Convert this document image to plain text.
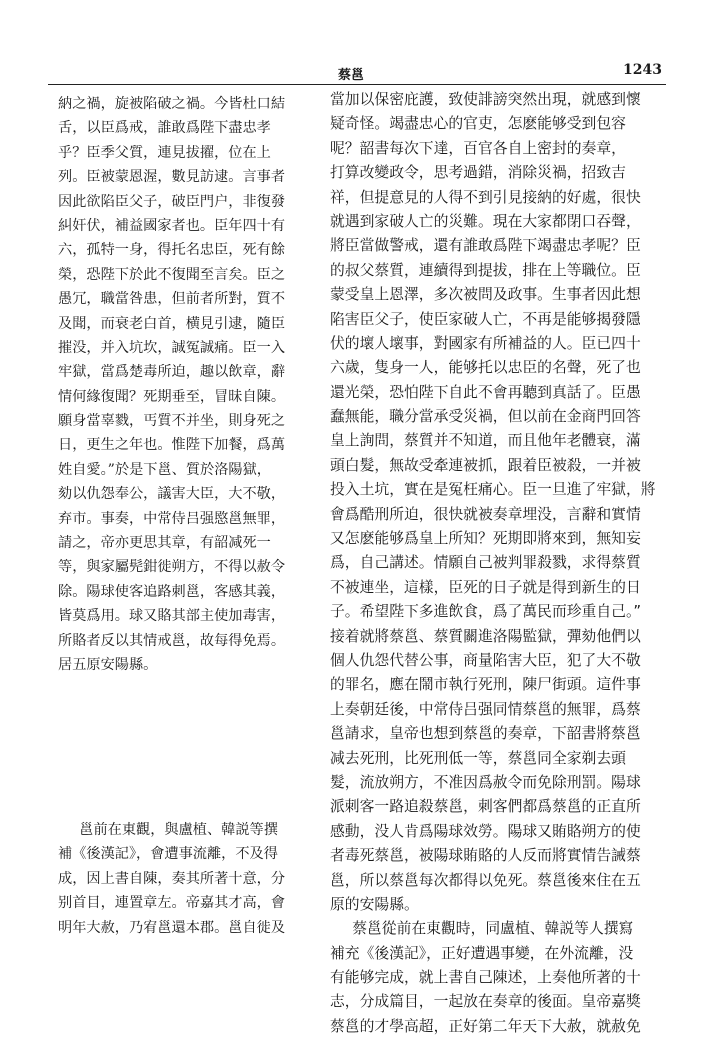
蔡邕	1243
納之禍，旋被陷破之禍。今皆杜口結
舌，以臣爲戒，誰敢爲陛下盡忠孝
乎？臣季父質，連見拔擢，位在上
列。臣被蒙恩渥，數見訪逮。言事者
因此欲陷臣父子，破臣門户，非復發
糾奸伏，補益國家者也。臣年四十有
六，孤特一身，得托名忠臣，死有餘
榮，恐陛下於此不復聞至言矣。臣之
愚冗，職當咎患，但前者所對，質不
及聞，而衰老白首，横見引逮，隨臣
摧没，并入坑坎，誠冤誠痛。臣一入
牢獄，當爲楚毒所迫，趣以飲章，辭
情何緣復聞？死期垂至，冒昧自陳。
願身當辜戮，丐質不并坐，則身死之
日，更生之年也。惟陛下加餐，爲萬
姓自愛。”於是下邕、質於洛陽獄，
劾以仇怨奉公，議害大臣，大不敬，
弃市。事奏，中常侍吕强愍邕無罪，
請之，帝亦更思其章，有韶减死一
等，與家屬髡鉗徙朔方，不得以赦令
除。陽球使客追路刺邕，客感其義，
皆莫爲用。球又賂其部主使加毒害，
所賂者反以其情戒邕，故每得免焉。
居五原安陽縣。
邕前在東觀，與盧植、韓説等撰
補《後漢記》，會遭事流離，不及得
成，因上書自陳，奏其所著十意，分
别首目，連置章左。帝嘉其才高，會
明年大赦，乃宥邕還本郡。邕自徙及
當加以保密庇護，致使誹謗突然出現，就感到懷
疑奇怪。竭盡忠心的官吏，怎麽能够受到包容
呢？韶書每次下達，百官各自上密封的奏章，
打算改變政令，思考過錯，消除災禍，招致吉
祥，但提意見的人得不到引見接納的好處，很快
就遇到家破人亡的災難。現在大家都閉口吞聲，
將臣當做警戒，還有誰敢爲陛下竭盡忠孝呢？臣
的叔父蔡質，連續得到提拔，排在上等職位。臣
蒙受皇上恩澤，多次被問及政事。生事者因此想
陷害臣父子，使臣家破人亡，不再是能够揭發隱
伏的壞人壞事，對國家有所補益的人。臣已四十
六歲，隻身一人，能够托以忠臣的名聲，死了也
還光榮，恐怕陛下自此不會再聽到真話了。臣愚
蠢無能，職分當承受災禍，但以前在金商門回答
皇上詢問，蔡質并不知道，而且他年老體衰，滿
頭白髮，無故受牽連被抓，跟着臣被殺，一并被
投入土坑，實在是冤枉痛心。臣一旦進了牢獄，將
會爲酷刑所迫，很快就被奏章埋没，言辭和實情
又怎麽能够爲皇上所知？死期即將來到，無知妄
爲，自己講述。情願自己被判罪殺戮，求得蔡質
不被連坐，這樣，臣死的日子就是得到新生的日
子。希望陛下多進飲食，爲了萬民而珍重自己。”
接着就將蔡邕、蔡質關進洛陽監獄，彈劾他們以
個人仇怨代替公事，商量陷害大臣，犯了大不敬
的罪名，應在鬧市執行死刑，陳尸街頭。這件事
上奏朝廷後，中常侍吕强同情蔡邕的無罪，爲蔡
邕請求，皇帝也想到蔡邕的奏章，下韶書將蔡邕
减去死刑，比死刑低一等，蔡邕同全家剃去頭
髮，流放朔方，不准因爲赦令而免除刑罰。陽球
派刺客一路追殺蔡邕，刺客們都爲蔡邕的正直所
感動，没人肯爲陽球效勞。陽球又賄賂朔方的使
者毒死蔡邕，被陽球賄賂的人反而將實情告誡蔡
邕，所以蔡邕每次都得以免死。蔡邕後來住在五
原的安陽縣。
蔡邕從前在東觀時，同盧植、韓説等人撰寫
補充《後漢記》，正好遭遇事變，在外流離，没
有能够完成，就上書自己陳述，上奏他所著的十
志，分成篇目，一起放在奏章的後面。皇帝嘉獎
蔡邕的才學高超，正好第二年天下大赦，就赦免
